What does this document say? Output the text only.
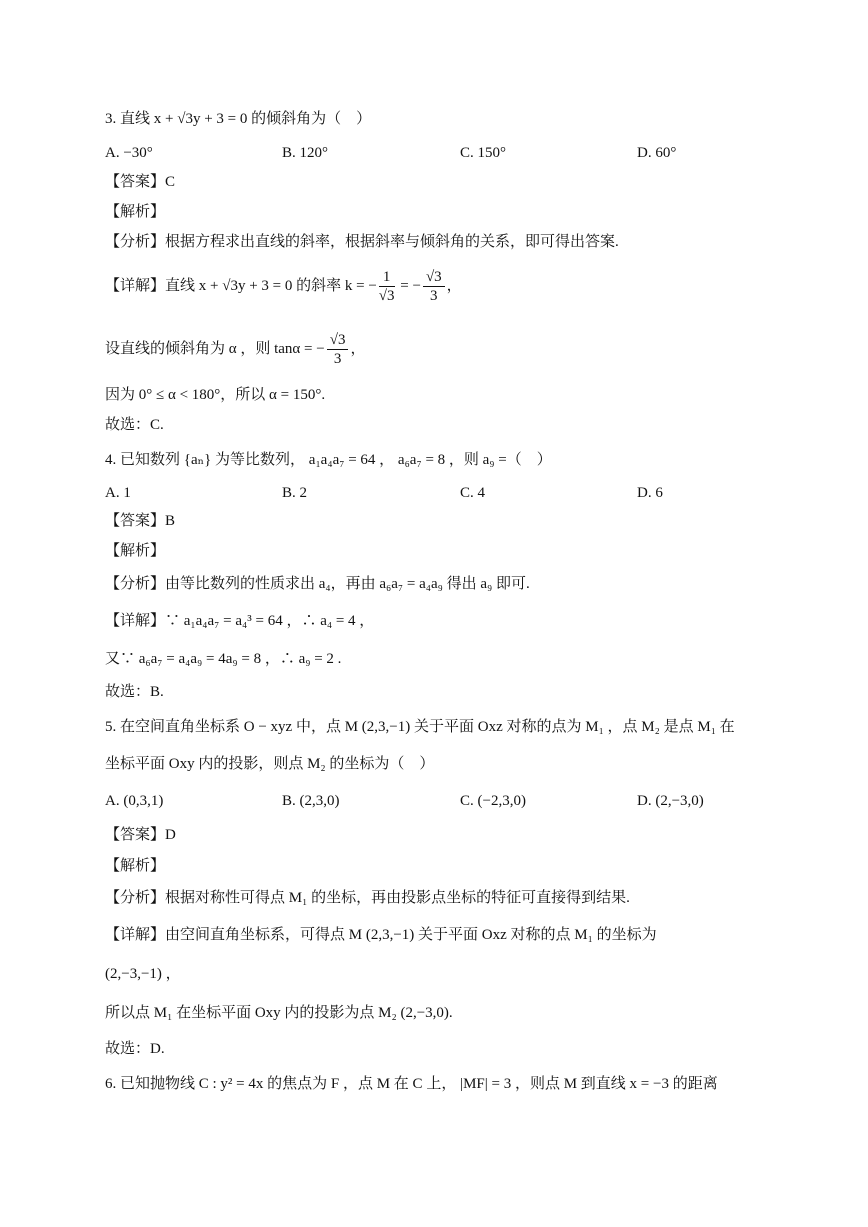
3. 直线 x + √3y + 3 = 0 的倾斜角为（　）
A. −30°	B. 120°	C. 150°	D. 60°
【答案】C
【解析】
【分析】根据方程求出直线的斜率，根据斜率与倾斜角的关系，即可得出答案.
【详解】直线 x + √3y + 3 = 0 的斜率 k = − $\frac{1}{√3}$ = − $\frac{√3}{3}$ ，
设直线的倾斜角为 α ，则 tanα = − $\frac{√3}{3}$ ，
因为 0° ≤ α < 180°，所以 α = 150°.
故选：C.
4. 已知数列 {aₙ} 为等比数列， a₁a₄a₇ = 64 ， a₆a₇ = 8 ，则 a₉ =（　）
A. 1	B. 2	C. 4	D. 6
【答案】B
【解析】
【分析】由等比数列的性质求出 a₄，再由 a₆a₇ = a₄a₉ 得出 a₉ 即可.
【详解】∵ a₁a₄a₇ = a₄³ = 64 ，∴ a₄ = 4 ，
又∵ a₆a₇ = a₄a₉ = 4a₉ = 8 ，∴ a₉ = 2 .
故选：B.
5. 在空间直角坐标系 O − xyz 中，点 M (2,3,−1) 关于平面 Oxz 对称的点为 M₁ ，点 M₂ 是点 M₁ 在
坐标平面 Oxy 内的投影，则点 M₂ 的坐标为（　）
A. (0,3,1)	B. (2,3,0)	C. (−2,3,0)	D. (2,−3,0)
【答案】D
【解析】
【分析】根据对称性可得点 M₁ 的坐标，再由投影点坐标的特征可直接得到结果.
【详解】由空间直角坐标系，可得点 M (2,3,−1) 关于平面 Oxz 对称的点 M₁ 的坐标为
(2,−3,−1) ，
所以点 M₁ 在坐标平面 Oxy 内的投影为点 M₂ (2,−3,0).
故选：D.
6. 已知抛物线 C : y² = 4x 的焦点为 F ，点 M 在 C 上， |MF| = 3 ，则点 M 到直线 x = −3 的距离
